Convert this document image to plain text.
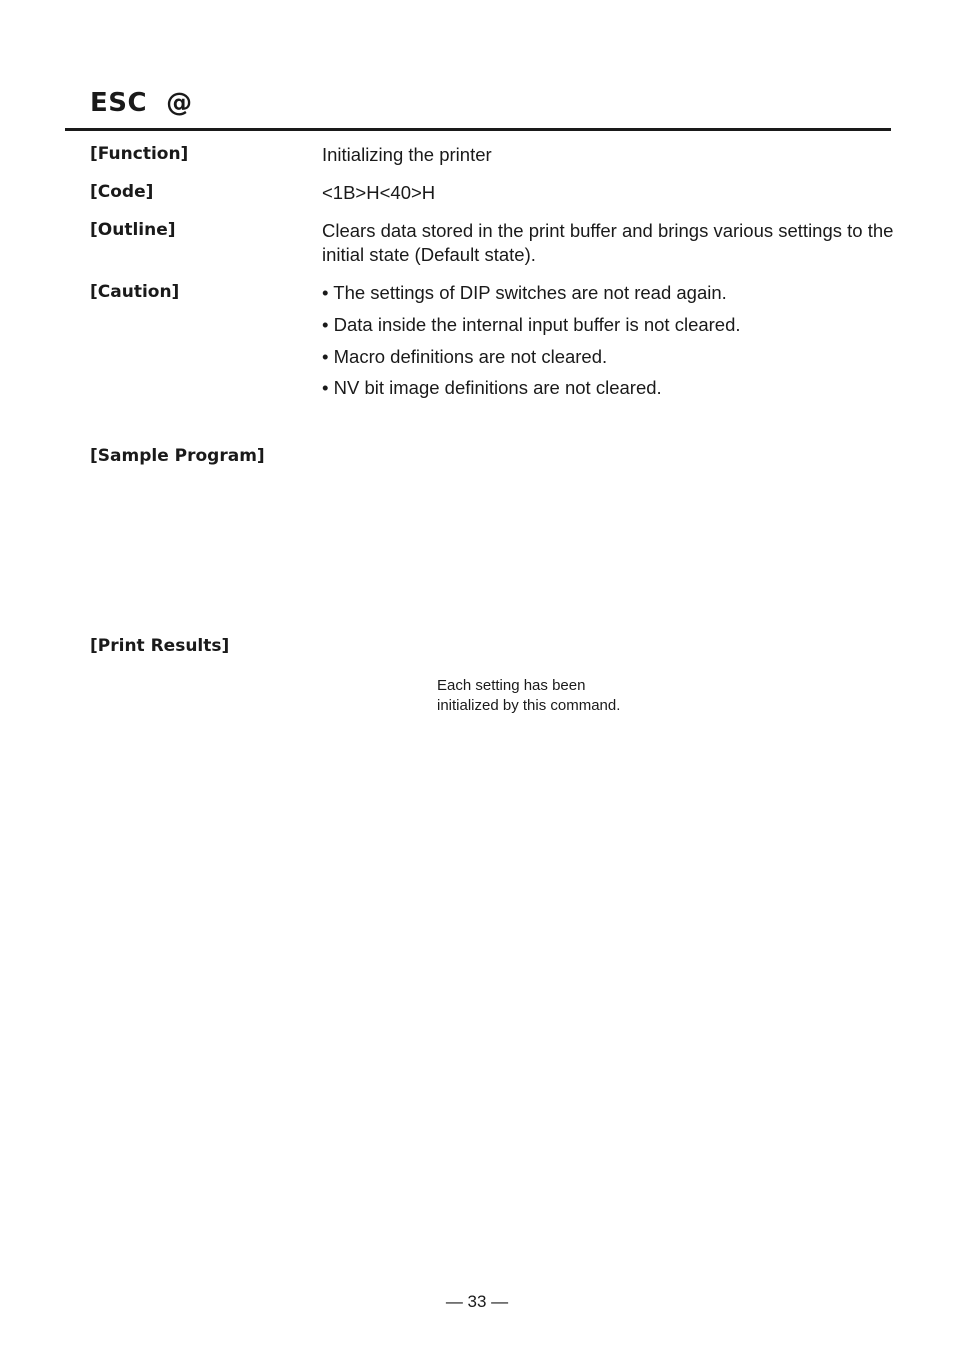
ESC  @
[Function]	Initializing the printer
[Code]	<1B>H<40>H
[Outline]	Clears data stored in the print buffer and brings various settings to the initial state (Default state).
[Caution]	• The settings of DIP switches are not read again.
• Data inside the internal input buffer is not cleared.
• Macro definitions are not cleared.
• NV bit image definitions are not cleared.
[Sample Program]
[Print Results]
Each setting has been
initialized by this command.
— 33 —
